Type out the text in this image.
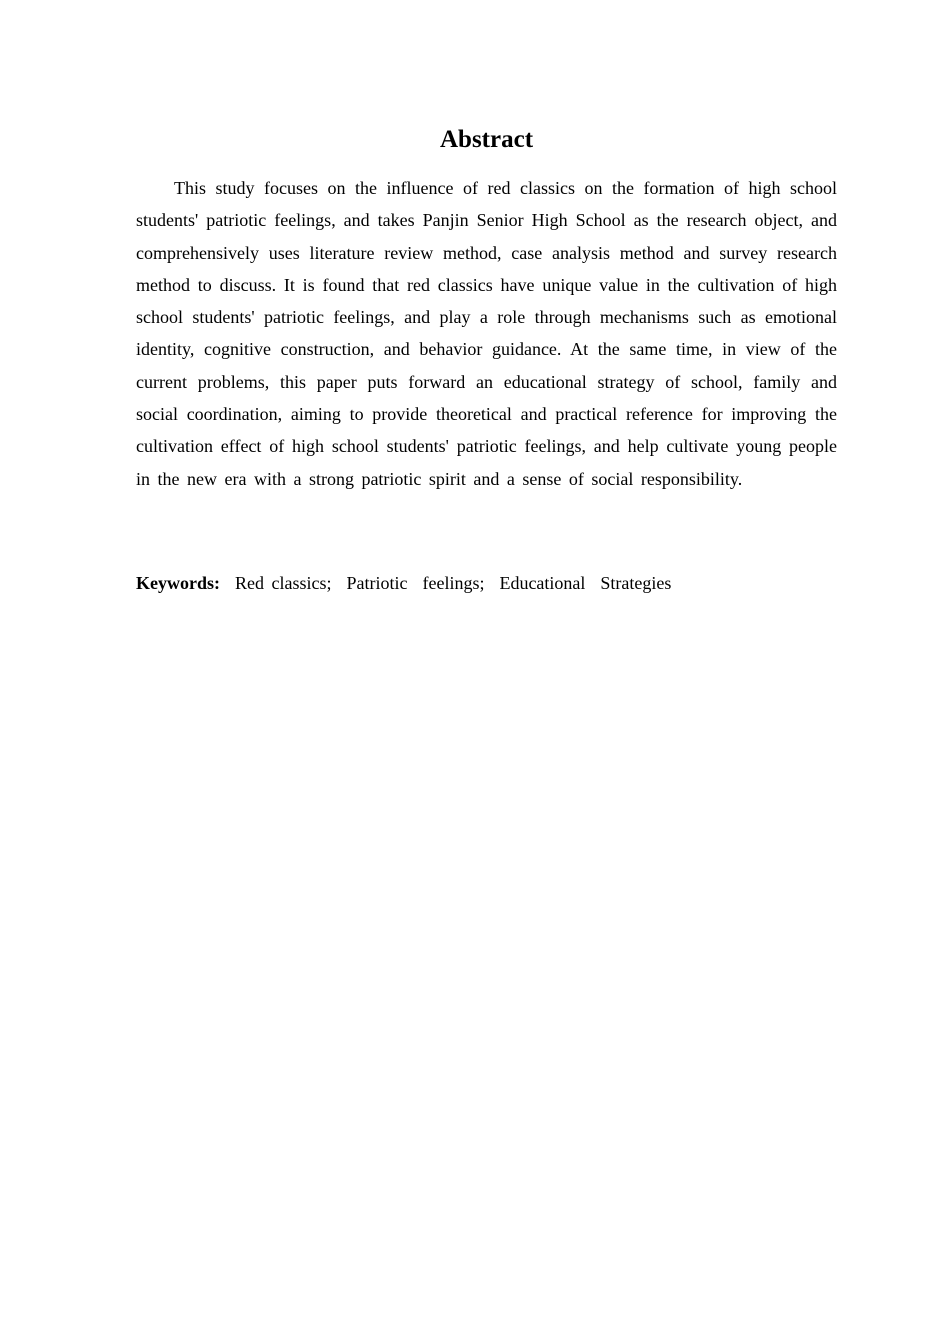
Abstract

This study focuses on the influence of red classics on the formation of high school students' patriotic feelings, and takes Panjin Senior High School as the research object, and comprehensively uses literature review method, case analysis method and survey research method to discuss. It is found that red classics have unique value in the cultivation of high school students' patriotic feelings, and play a role through mechanisms such as emotional identity, cognitive construction, and behavior guidance. At the same time, in view of the current problems, this paper puts forward an educational strategy of school, family and social coordination, aiming to provide theoretical and practical reference for improving the cultivation effect of high school students' patriotic feelings, and help cultivate young people in the new era with a strong patriotic spirit and a sense of social responsibility.

Keywords:  Red classics;  Patriotic  feelings;  Educational  Strategies
